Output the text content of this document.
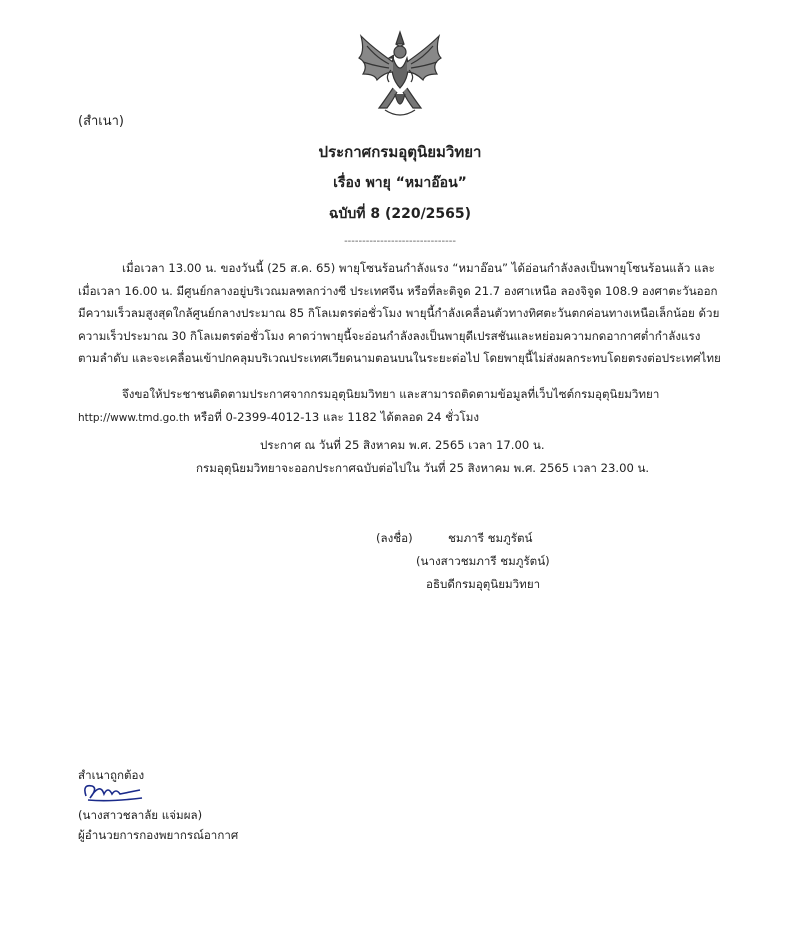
(สำเนา)
ประกาศกรมอุตุนิยมวิทยา
เรื่อง พายุ “หมาอ๊อน”
ฉบับที่ 8 (220/2565)
-------------------------------
เมื่อเวลา 13.00 น. ของวันนี้ (25 ส.ค. 65) พายุโซนร้อนกำลังแรง “หมาอ๊อน” ได้อ่อนกำลังลงเป็นพายุโซนร้อนแล้ว และ
เมื่อเวลา 16.00 น. มีศูนย์กลางอยู่บริเวณมลฑลกว่างซี ประเทศจีน หรือที่ละติจูด 21.7 องศาเหนือ ลองจิจูด 108.9 องศาตะวันออก
มีความเร็วลมสูงสุดใกล้ศูนย์กลางประมาณ 85 กิโลเมตรต่อชั่วโมง พายุนี้กำลังเคลื่อนตัวทางทิศตะวันตกค่อนทางเหนือเล็กน้อย ด้วย
ความเร็วประมาณ 30 กิโลเมตรต่อชั่วโมง คาดว่าพายุนี้จะอ่อนกำลังลงเป็นพายุดีเปรสชันและหย่อมความกดอากาศต่ำกำลังแรง
ตามลำดับ และจะเคลื่อนเข้าปกคลุมบริเวณประเทศเวียดนามตอนบนในระยะต่อไป โดยพายุนี้ไม่ส่งผลกระทบโดยตรงต่อประเทศไทย
จึงขอให้ประชาชนติดตามประกาศจากกรมอุตุนิยมวิทยา และสามารถติดตามข้อมูลที่เว็บไซต์กรมอุตุนิยมวิทยา
http://www.tmd.go.th หรือที่ 0-2399-4012-13 และ 1182 ได้ตลอด 24 ชั่วโมง
ประกาศ ณ วันที่ 25 สิงหาคม พ.ศ. 2565 เวลา 17.00 น.
กรมอุตุนิยมวิทยาจะออกประกาศฉบับต่อไปใน วันที่ 25 สิงหาคม พ.ศ. 2565 เวลา 23.00 น.
(ลงชื่อ)	ชมภารี ชมภูรัตน์
(นางสาวชมภารี ชมภูรัตน์)
อธิบดีกรมอุตุนิยมวิทยา
สำเนาถูกต้อง
(นางสาวชลาลัย แจ่มผล)
ผู้อำนวยการกองพยากรณ์อากาศ
